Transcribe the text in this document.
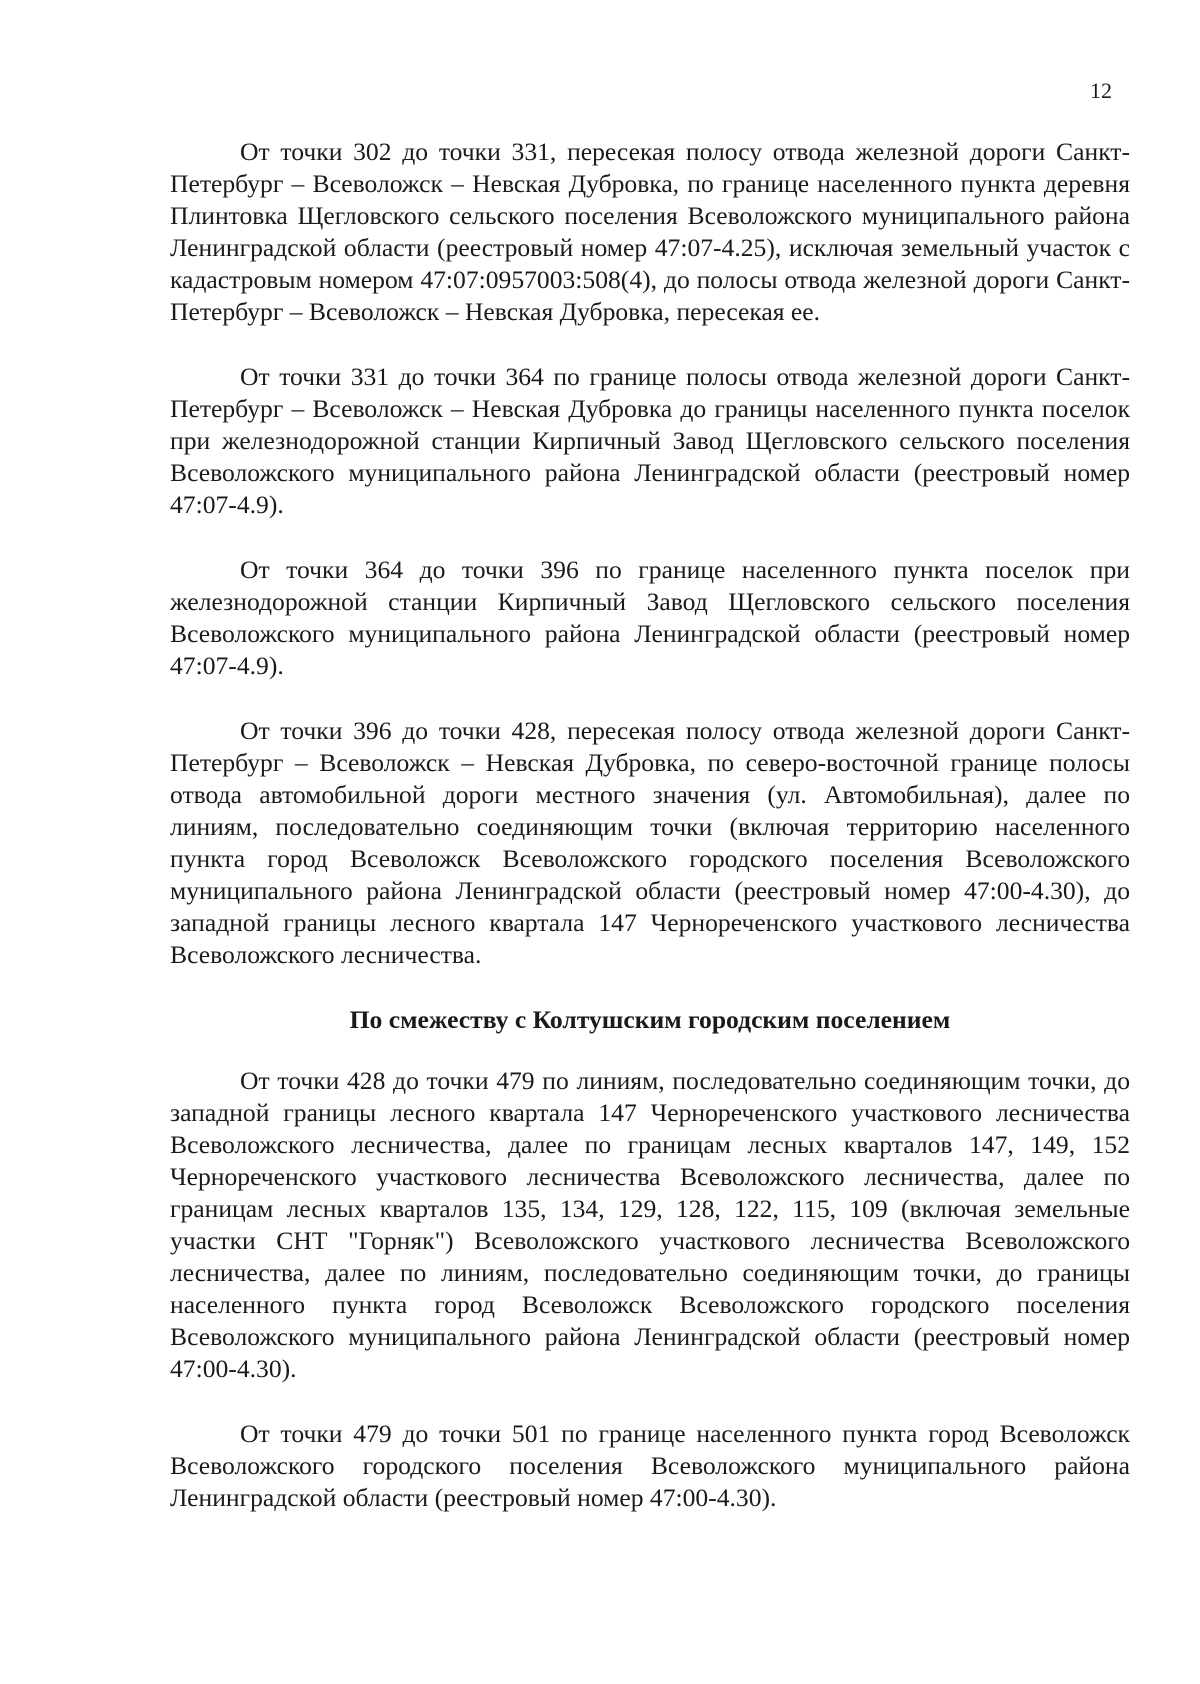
12

От точки 302 до точки 331, пересекая полосу отвода железной дороги Санкт-Петербург – Всеволожск – Невская Дубровка, по границе населенного пункта деревня Плинтовка Щегловского сельского поселения Всеволожского муниципального района Ленинградской области (реестровый номер 47:07-4.25), исключая земельный участок с кадастровым номером 47:07:0957003:508(4), до полосы отвода железной дороги Санкт-Петербург – Всеволожск – Невская Дубровка, пересекая ее.

От точки 331 до точки 364 по границе полосы отвода железной дороги Санкт-Петербург – Всеволожск – Невская Дубровка до границы населенного пункта поселок при железнодорожной станции Кирпичный Завод Щегловского сельского поселения Всеволожского муниципального района Ленинградской области (реестровый номер 47:07-4.9).

От точки 364 до точки 396 по границе населенного пункта поселок при железнодорожной станции Кирпичный Завод Щегловского сельского поселения Всеволожского муниципального района Ленинградской области (реестровый номер 47:07-4.9).

От точки 396 до точки 428, пересекая полосу отвода железной дороги Санкт-Петербург – Всеволожск – Невская Дубровка, по северо-восточной границе полосы отвода автомобильной дороги местного значения (ул. Автомобильная), далее по линиям, последовательно соединяющим точки (включая территорию населенного пункта город Всеволожск Всеволожского городского поселения Всеволожского муниципального района Ленинградской области (реестровый номер 47:00-4.30), до западной границы лесного квартала 147 Чернореченского участкового лесничества Всеволожского лесничества.

По смежеству с Колтушским городским поселением

От точки 428 до точки 479 по линиям, последовательно соединяющим точки, до западной границы лесного квартала 147 Чернореченского участкового лесничества Всеволожского лесничества, далее по границам лесных кварталов 147, 149, 152 Чернореченского участкового лесничества Всеволожского лесничества, далее по границам лесных кварталов 135, 134, 129, 128, 122, 115, 109 (включая земельные участки СНТ "Горняк") Всеволожского участкового лесничества Всеволожского лесничества, далее по линиям, последовательно соединяющим точки, до границы населенного пункта город Всеволожск Всеволожского городского поселения Всеволожского муниципального района Ленинградской области (реестровый номер 47:00-4.30).

От точки 479 до точки 501 по границе населенного пункта город Всеволожск Всеволожского городского поселения Всеволожского муниципального района Ленинградской области (реестровый номер 47:00-4.30).
